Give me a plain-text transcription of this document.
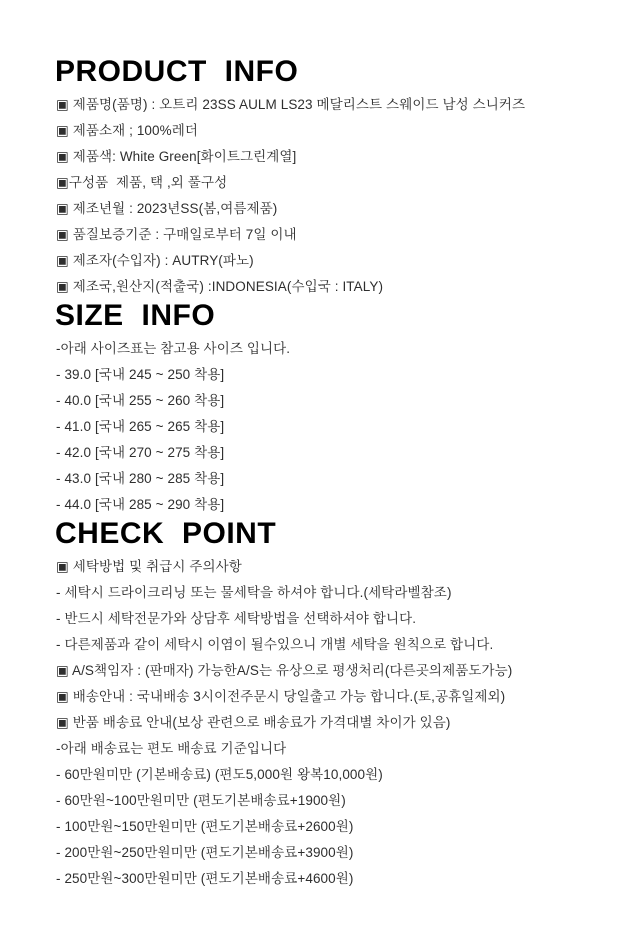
PRODUCT INFO
▣ 제품명(품명) : 오트리 23SS AULM LS23 메달리스트 스웨이드 남성 스니커즈
▣ 제품소재 ; 100%레더
▣ 제품색: White Green[화이트그린계열]
▣구성품  제품, 택 ,외 풀구성
▣ 제조년월 : 2023년SS(봄,여름제품)
▣ 품질보증기준 : 구매일로부터 7일 이내
▣ 제조자(수입자) : AUTRY(파노)
▣ 제조국,원산지(적출국) :INDONESIA(수입국 : ITALY)
SIZE INFO
-아래 사이즈표는 참고용 사이즈 입니다.
- 39.0 [국내 245 ~ 250 착용]
- 40.0 [국내 255 ~ 260 착용]
- 41.0 [국내 265 ~ 265 착용]
- 42.0 [국내 270 ~ 275 착용]
- 43.0 [국내 280 ~ 285 착용]
- 44.0 [국내 285 ~ 290 착용]
CHECK POINT
▣ 세탁방법 및 취급시 주의사항
- 세탁시 드라이크리닝 또는 물세탁을 하셔야 합니다.(세탁라벨참조)
- 반드시 세탁전문가와 상담후 세탁방법을 선택하셔야 합니다.
- 다른제품과 같이 세탁시 이염이 될수있으니 개별 세탁을 원칙으로 합니다.
▣ A/S책임자 : (판매자) 가능한A/S는 유상으로 평생처리(다른곳의제품도가능)
▣ 배송안내 : 국내배송 3시이전주문시 당일출고 가능 합니다.(토,공휴일제외)
▣ 반품 배송료 안내(보상 관련으로 배송료가 가격대별 차이가 있음)
-아래 배송료는 편도 배송료 기준입니다
- 60만원미만 (기본배송료) (편도5,000원 왕복10,000원)
- 60만원~100만원미만 (편도기본배송료+1900원)
- 100만원~150만원미만 (편도기본배송료+2600원)
- 200만원~250만원미만 (편도기본배송료+3900원)
- 250만원~300만원미만 (편도기본배송료+4600원)
